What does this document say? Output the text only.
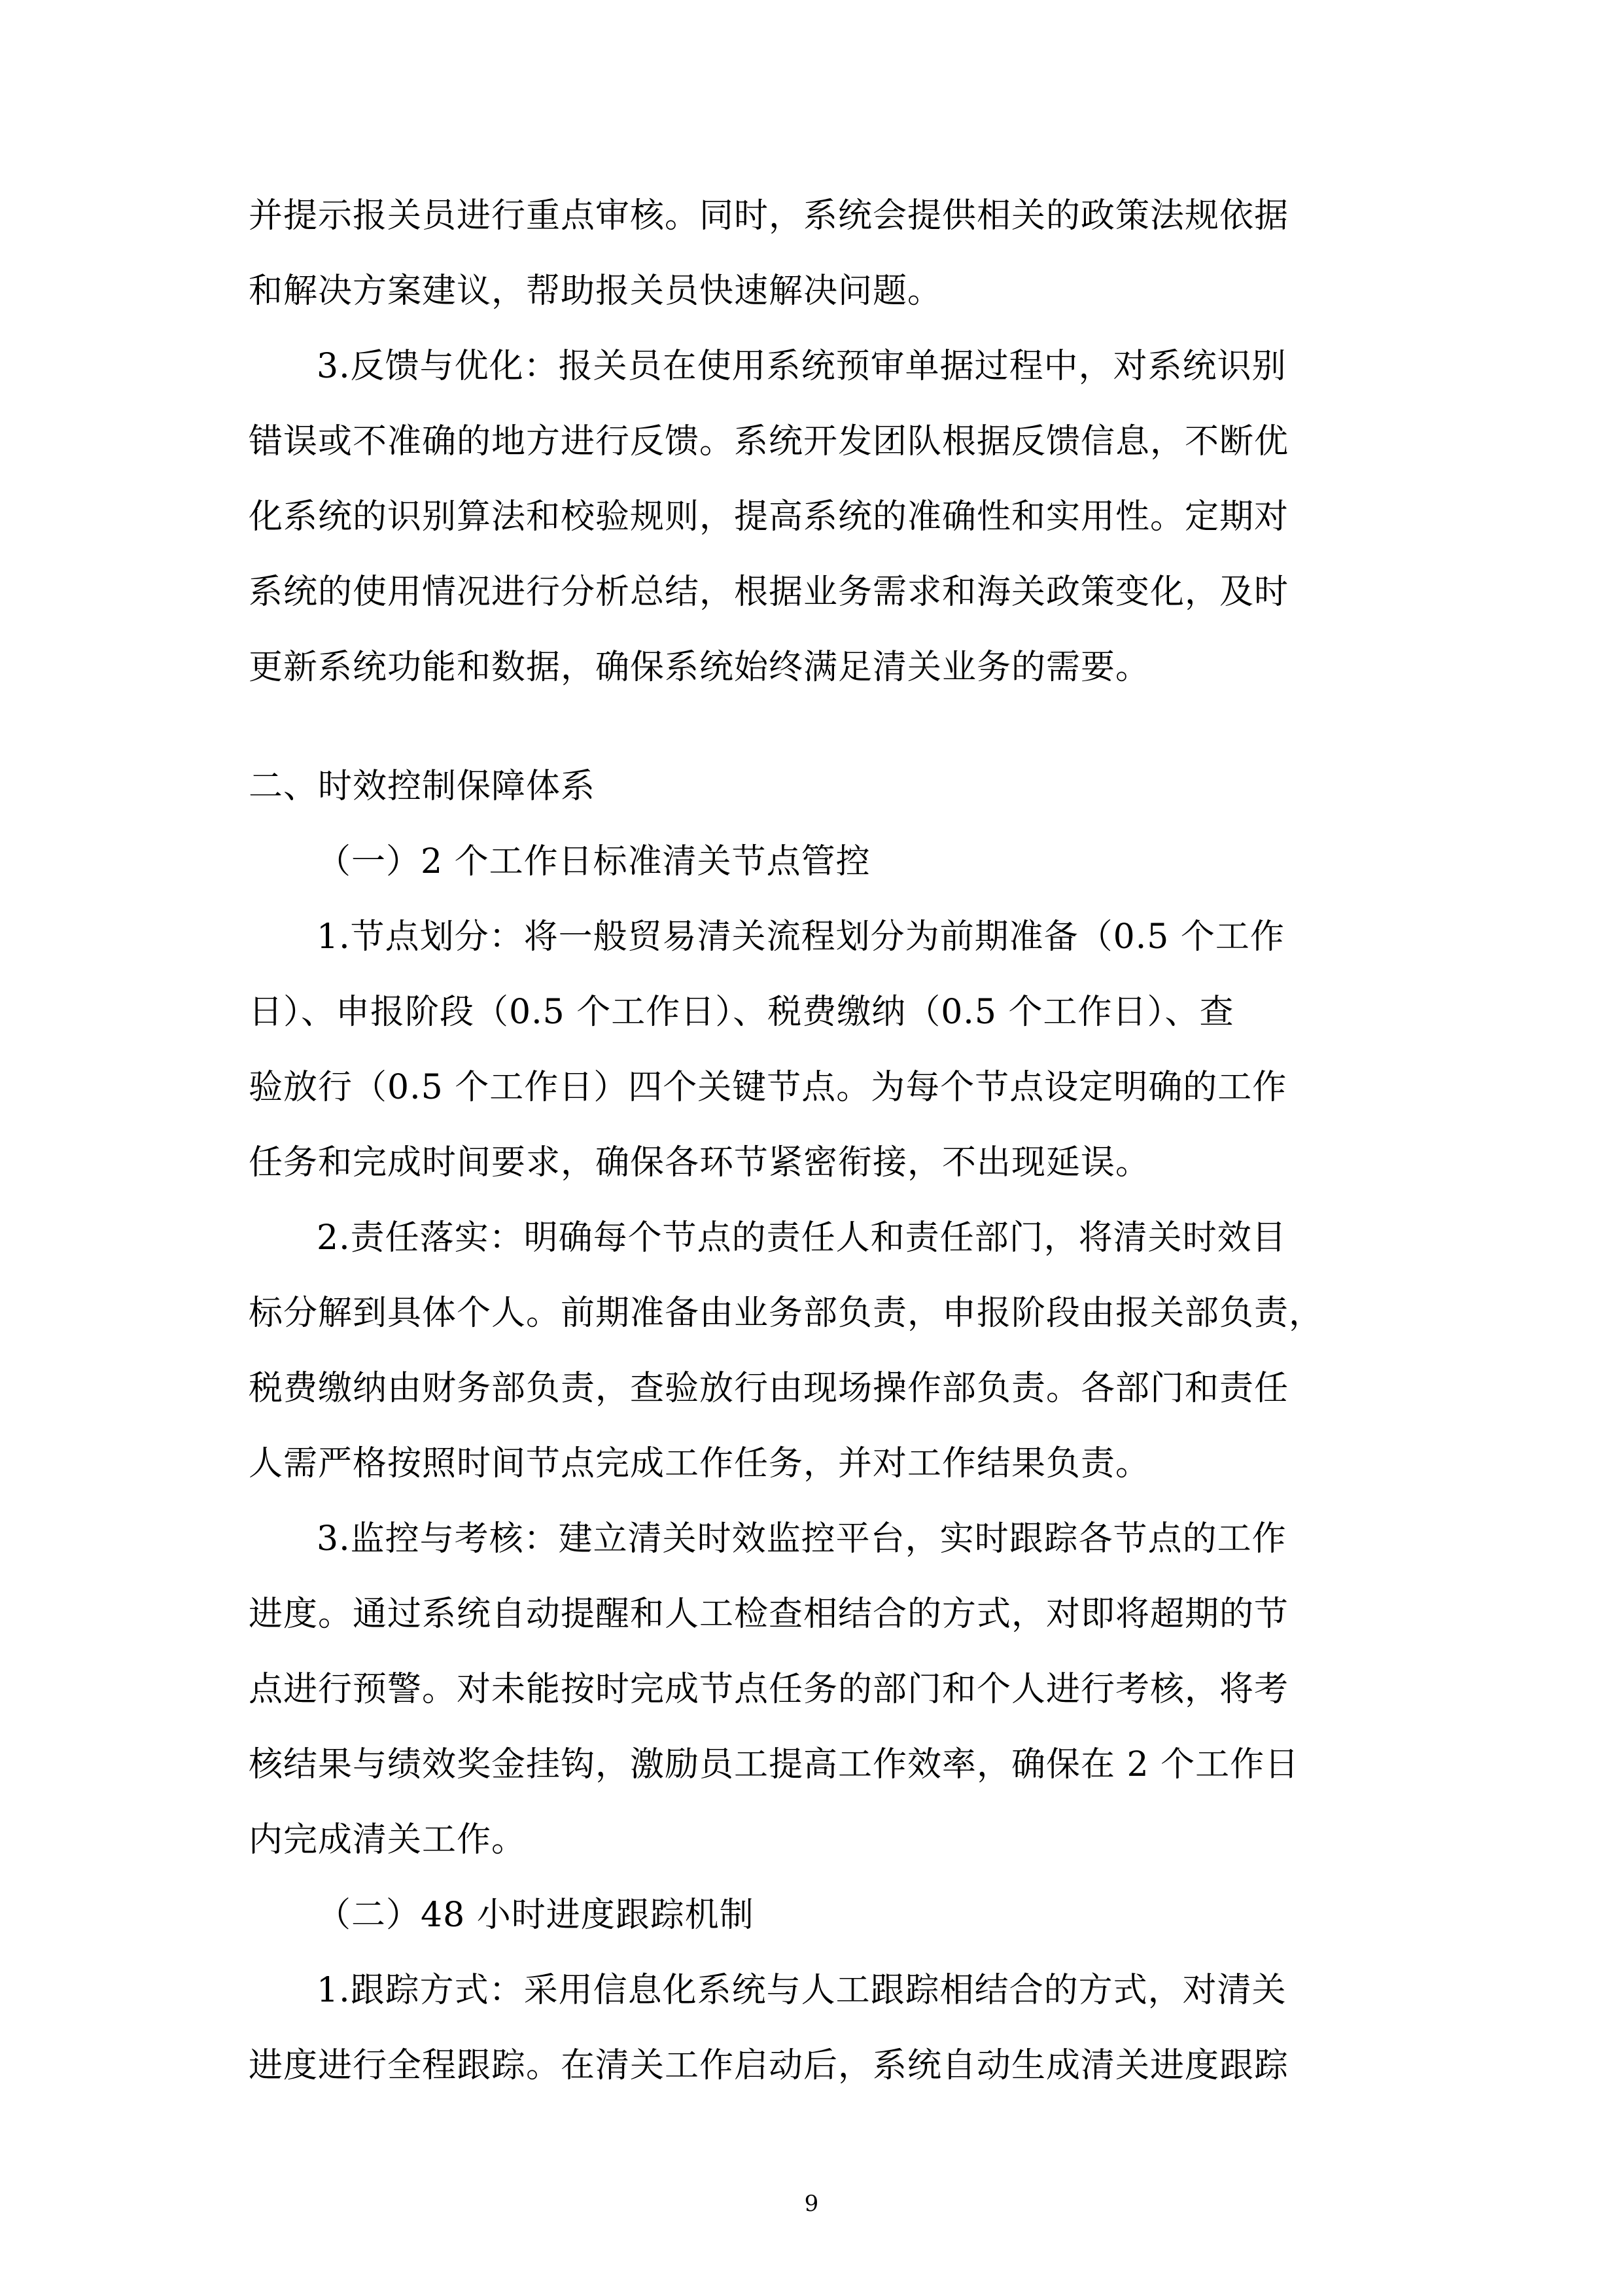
并提示报关员进行重点审核。同时，系统会提供相关的政策法规依据
和解决方案建议，帮助报关员快速解决问题。
3.反馈与优化：报关员在使用系统预审单据过程中，对系统识别
错误或不准确的地方进行反馈。系统开发团队根据反馈信息，不断优
化系统的识别算法和校验规则，提高系统的准确性和实用性。定期对
系统的使用情况进行分析总结，根据业务需求和海关政策变化，及时
更新系统功能和数据，确保系统始终满足清关业务的需要。
二、时效控制保障体系
（一）2 个工作日标准清关节点管控
1.节点划分：将一般贸易清关流程划分为前期准备（0.5 个工作
日）、申报阶段（0.5 个工作日）、税费缴纳（0.5 个工作日）、查
验放行（0.5 个工作日）四个关键节点。为每个节点设定明确的工作
任务和完成时间要求，确保各环节紧密衔接，不出现延误。
2.责任落实：明确每个节点的责任人和责任部门，将清关时效目
标分解到具体个人。前期准备由业务部负责，申报阶段由报关部负责，
税费缴纳由财务部负责，查验放行由现场操作部负责。各部门和责任
人需严格按照时间节点完成工作任务，并对工作结果负责。
3.监控与考核：建立清关时效监控平台，实时跟踪各节点的工作
进度。通过系统自动提醒和人工检查相结合的方式，对即将超期的节
点进行预警。对未能按时完成节点任务的部门和个人进行考核，将考
核结果与绩效奖金挂钩，激励员工提高工作效率，确保在 2 个工作日
内完成清关工作。
（二）48 小时进度跟踪机制
1.跟踪方式：采用信息化系统与人工跟踪相结合的方式，对清关
进度进行全程跟踪。在清关工作启动后，系统自动生成清关进度跟踪
9
